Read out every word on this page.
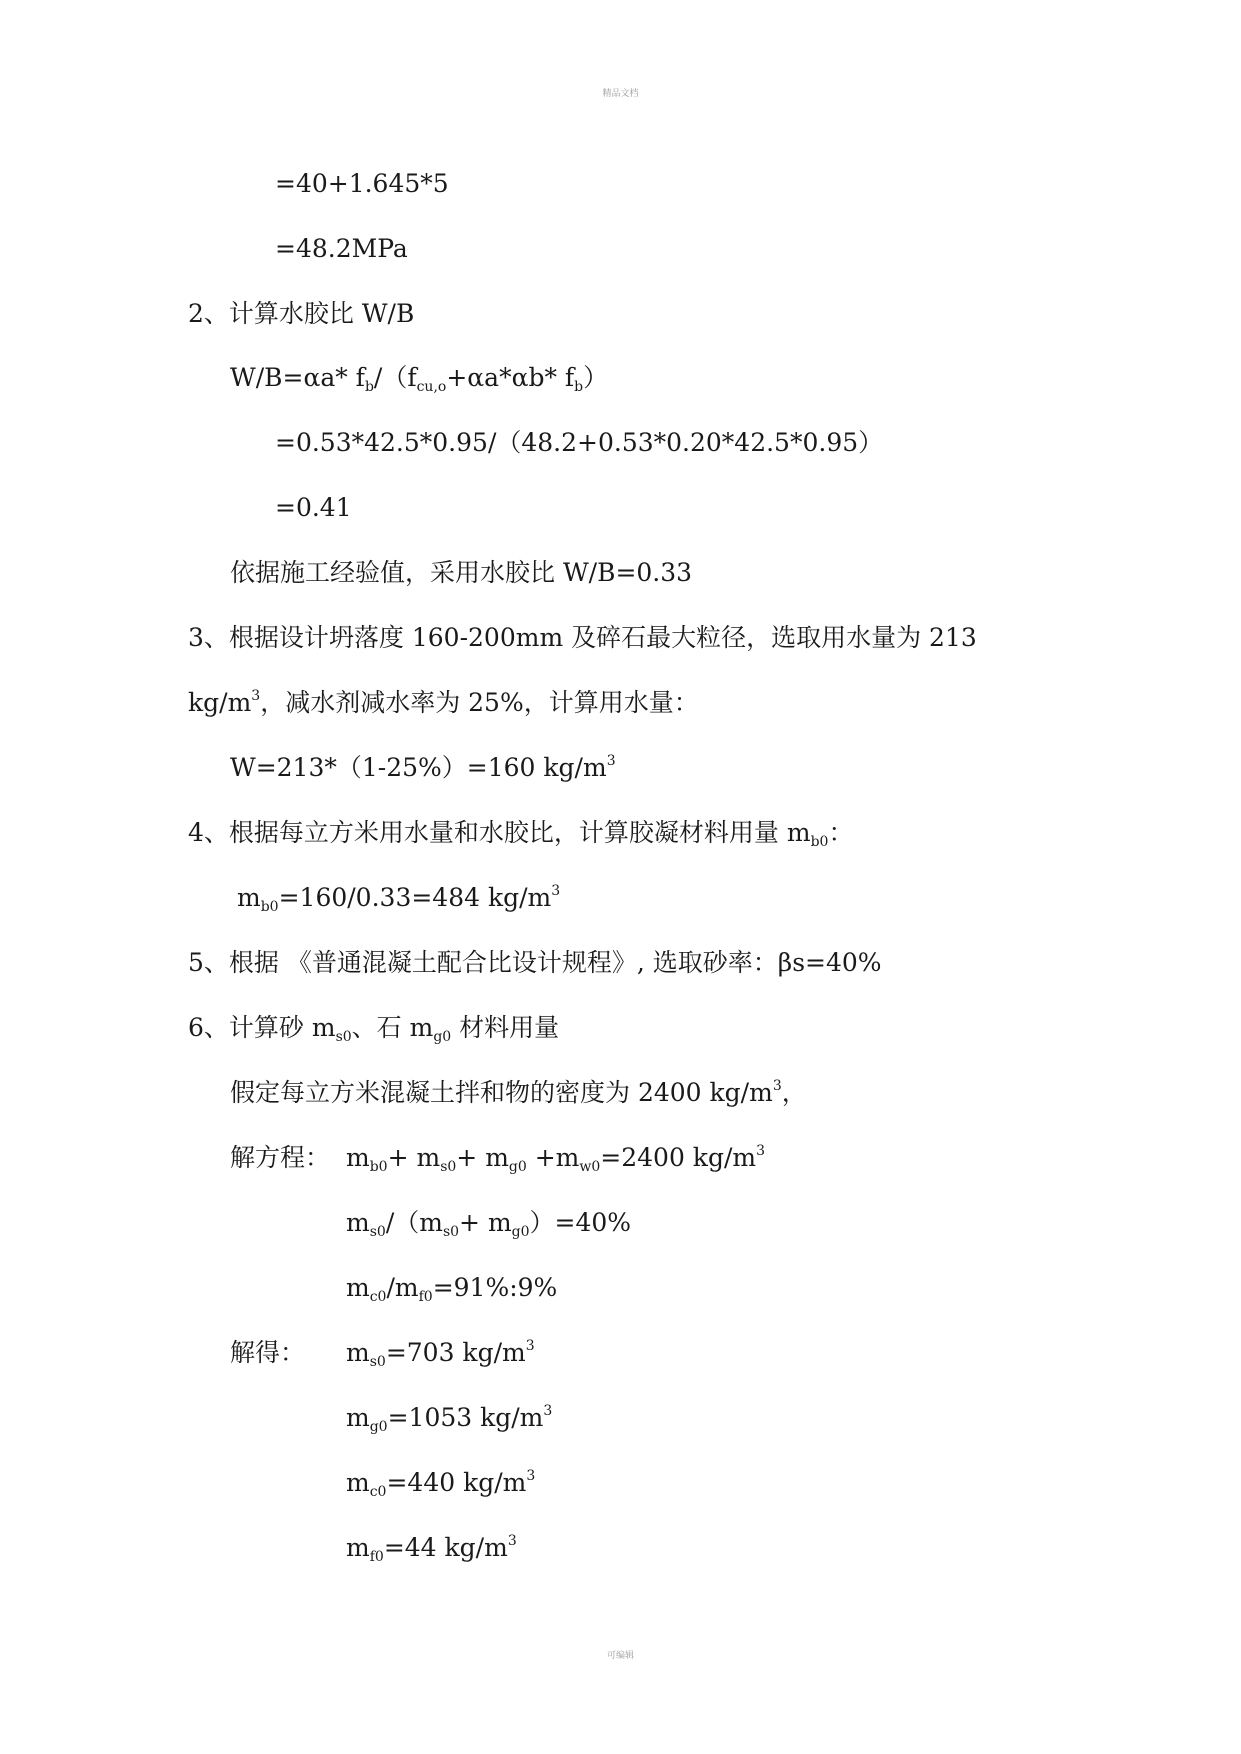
精品文档
=40+1.645*5
=48.2MPa
2、计算水胶比 W/B
W/B=αa* $f_b/(f_{cu,o}+\alpha a*\alpha b*$ $f_b$）
=0.53*42.5*0.95/（48.2+0.53*0.20*42.5*0.95）
=0.41
依据施工经验值，采用水胶比 W/B=0.33
3、根据设计坍落度 160-200mm 及碎石最大粒径，选取用水量为 213
$kg/m^3$，减水剂减水率为 25%，计算用水量：
W=213*（1-25%）=160 $kg/m^3$
4、根据每立方米用水量和水胶比，计算胶凝材料用量 $m_{b0}$：
$m_{b0}=160/0.33=484$ $kg/m^3$
5、根据 《普通混凝土配合比设计规程》, 选取砂率：βs=40%
6、计算砂 $m_{s0}$、石 $m_{g0}$ 材料用量
假定每立方米混凝土拌和物的密度为 2400 $kg/m^3$，
解方程： $m_{b0}+ m_{s0}+ m_{g0} +m_{w0}=2400$ $kg/m^3$
$m_{s0}/(m_{s0}+ m_{g0})=40\%$
$m_{c0}/m_{f0}=91\%:9\%$
解得： $m_{s0}=703$ $kg/m^3$
$m_{g0}=1053$ $kg/m^3$
$m_{c0}=440$ $kg/m^3$
$m_{f0}=44$ $kg/m^3$
可编辑
